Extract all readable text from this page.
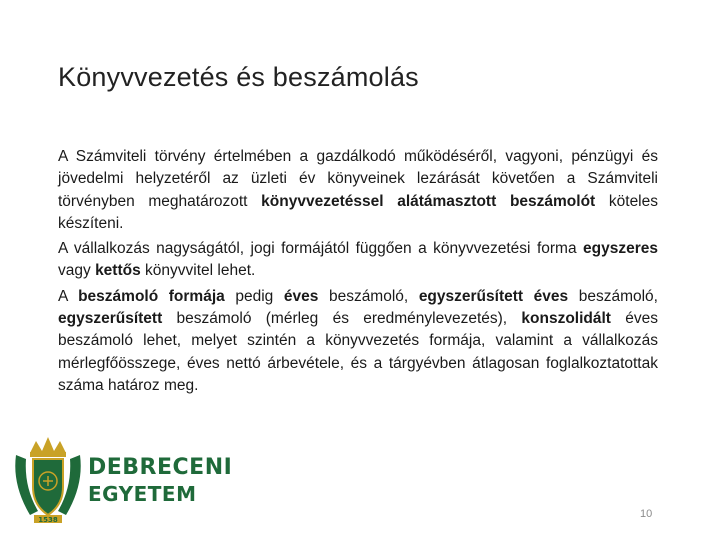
Könyvvezetés és beszámolás

A Számviteli törvény értelmében a gazdálkodó működéséről, vagyoni, pénzügyi és jövedelmi helyzetéről az üzleti év könyveinek lezárását követően a Számviteli törvényben meghatározott könyvvezetéssel alátámasztott beszámolót köteles készíteni.

A vállalkozás nagyságától, jogi formájától függően a könyvvezetési forma egyszeres vagy kettős könyvvitel lehet.

A beszámoló formája pedig éves beszámoló, egyszerűsített éves beszámoló, egyszerűsített beszámoló (mérleg és eredménylevezetés), konszolidált éves beszámoló lehet, melyet szintén a könyvvezetés formája, valamint a vállalkozás mérlegfőösszege, éves nettó árbevétele, és a tárgyévben átlagosan foglalkoztatottak száma határoz meg.

1538
DEBRECENI
EGYETEM
10
